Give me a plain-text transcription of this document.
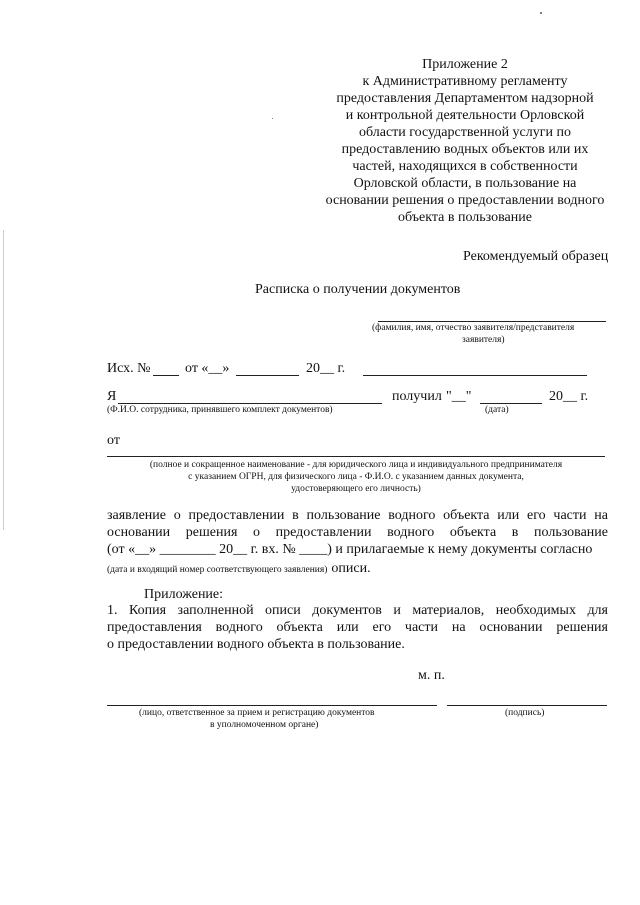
Приложение 2
к Административному регламенту
предоставления Департаментом надзорной
и контрольной деятельности Орловской
области государственной услуги по
предоставлению водных объектов или их
частей, находящихся в собственности
Орловской области, в пользование на
основании решения о предоставлении водного
объекта в пользование
Рекомендуемый образец
Расписка о получении документов
(фамилия, имя, отчество заявителя/представителя
заявителя)
Исх. № от «__»	20__ г.
Я	получил "__"	20__ г.
(Ф.И.О. сотрудника, принявшего комплект документов)	(дата)
от
(полное и сокращенное наименование - для юридического лица и индивидуального предпринимателя
с указанием ОГРН, для физического лица - Ф.И.О. с указанием данных документа,
удостоверяющего его личность)
заявление о предоставлении в пользование водного объекта или его части на
основании решения о предоставлении водного объекта в пользование
(от «__» ________ 20__ г. вх. № ____) и прилагаемые к нему документы согласно
(дата и входящий номер соответствующего заявления) описи.
Приложение:
1. Копия заполненной описи документов и материалов, необходимых для
предоставления водного объекта или его части на основании решения
о предоставлении водного объекта в пользование.
м. п.
(лицо, ответственное за прием и регистрацию документов
в уполномоченном органе)
(подпись)
